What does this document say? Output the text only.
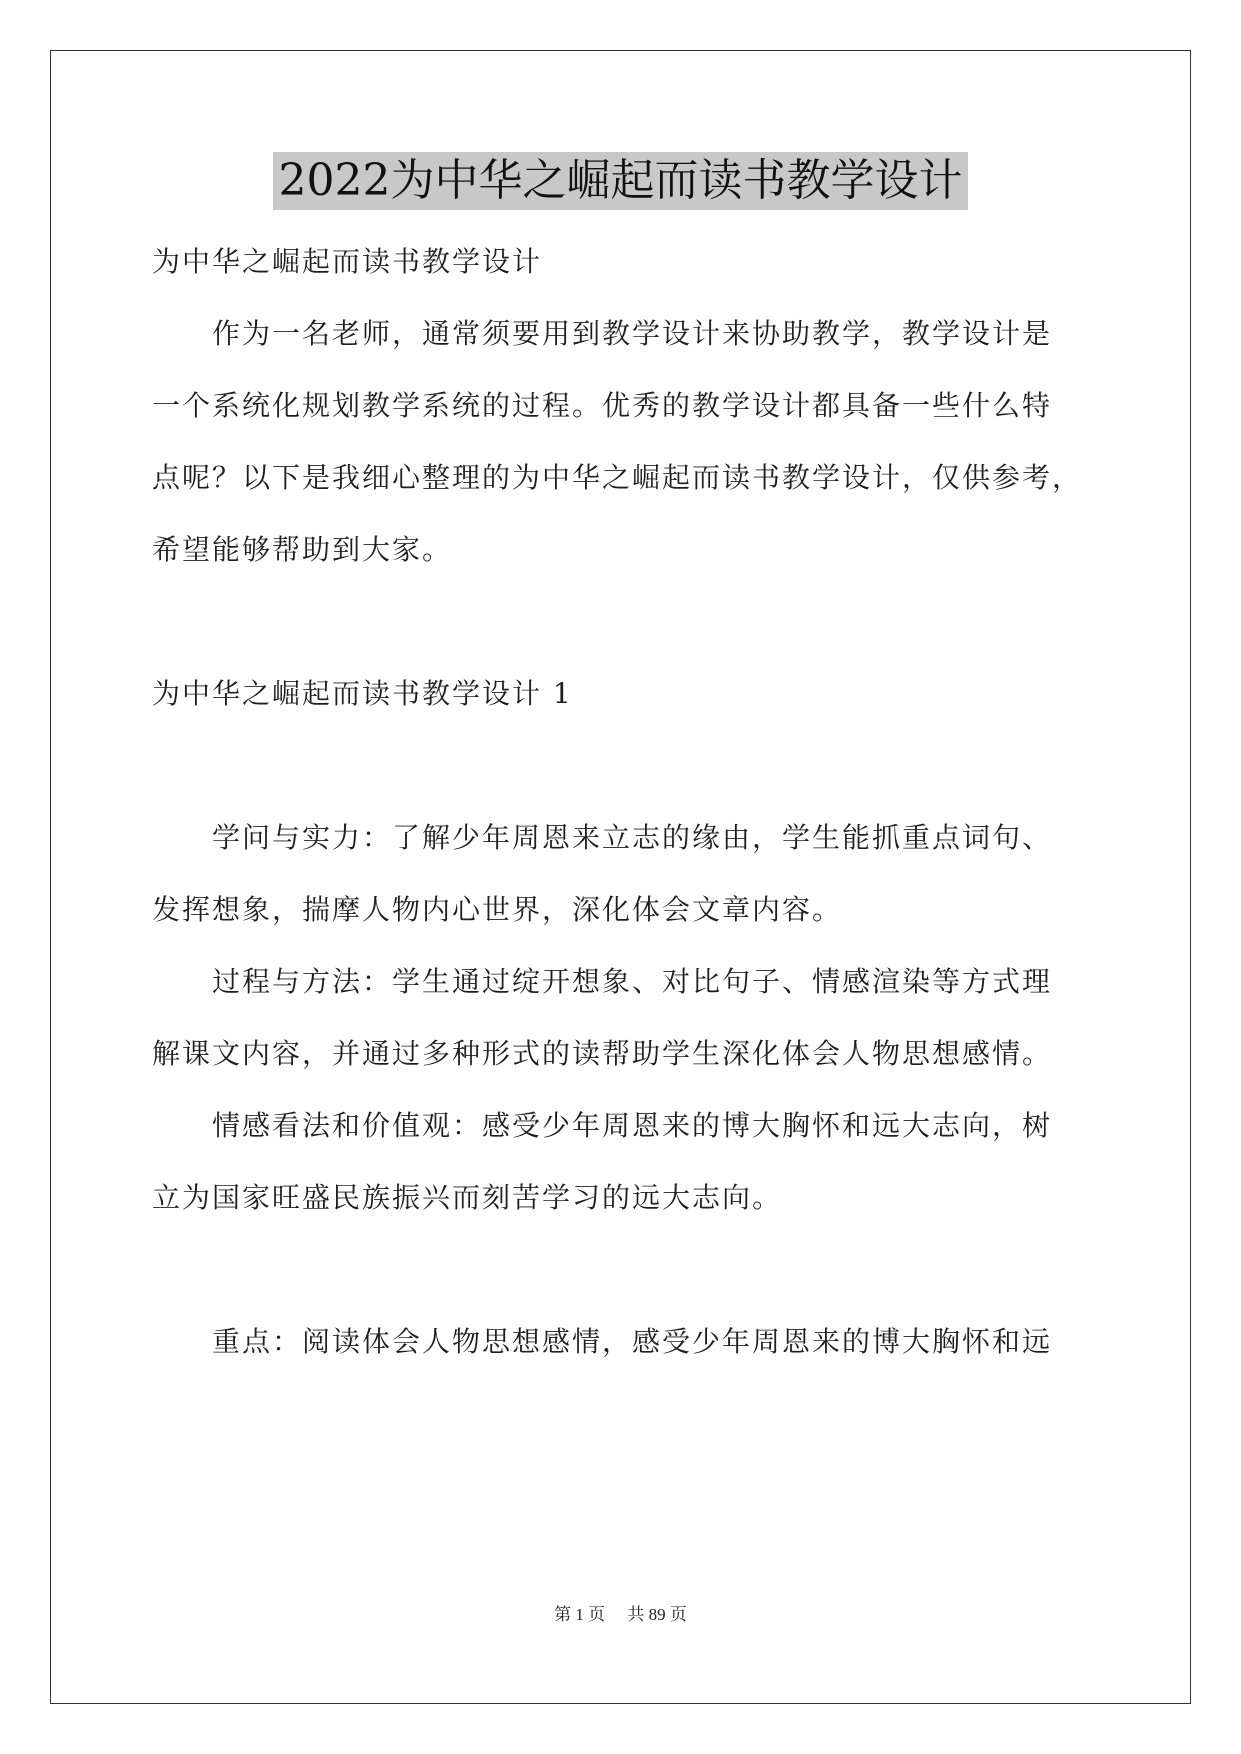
2022为中华之崛起而读书教学设计
为中华之崛起而读书教学设计
作为一名老师，通常须要用到教学设计来协助教学，教学设计是
一个系统化规划教学系统的过程。优秀的教学设计都具备一些什么特
点呢？以下是我细心整理的为中华之崛起而读书教学设计，仅供参考，
希望能够帮助到大家。
为中华之崛起而读书教学设计 1
学问与实力：了解少年周恩来立志的缘由，学生能抓重点词句、
发挥想象，揣摩人物内心世界，深化体会文章内容。
过程与方法：学生通过绽开想象、对比句子、情感渲染等方式理
解课文内容，并通过多种形式的读帮助学生深化体会人物思想感情。
情感看法和价值观：感受少年周恩来的博大胸怀和远大志向，树
立为国家旺盛民族振兴而刻苦学习的远大志向。
重点：阅读体会人物思想感情，感受少年周恩来的博大胸怀和远
第 1 页 共 89 页
